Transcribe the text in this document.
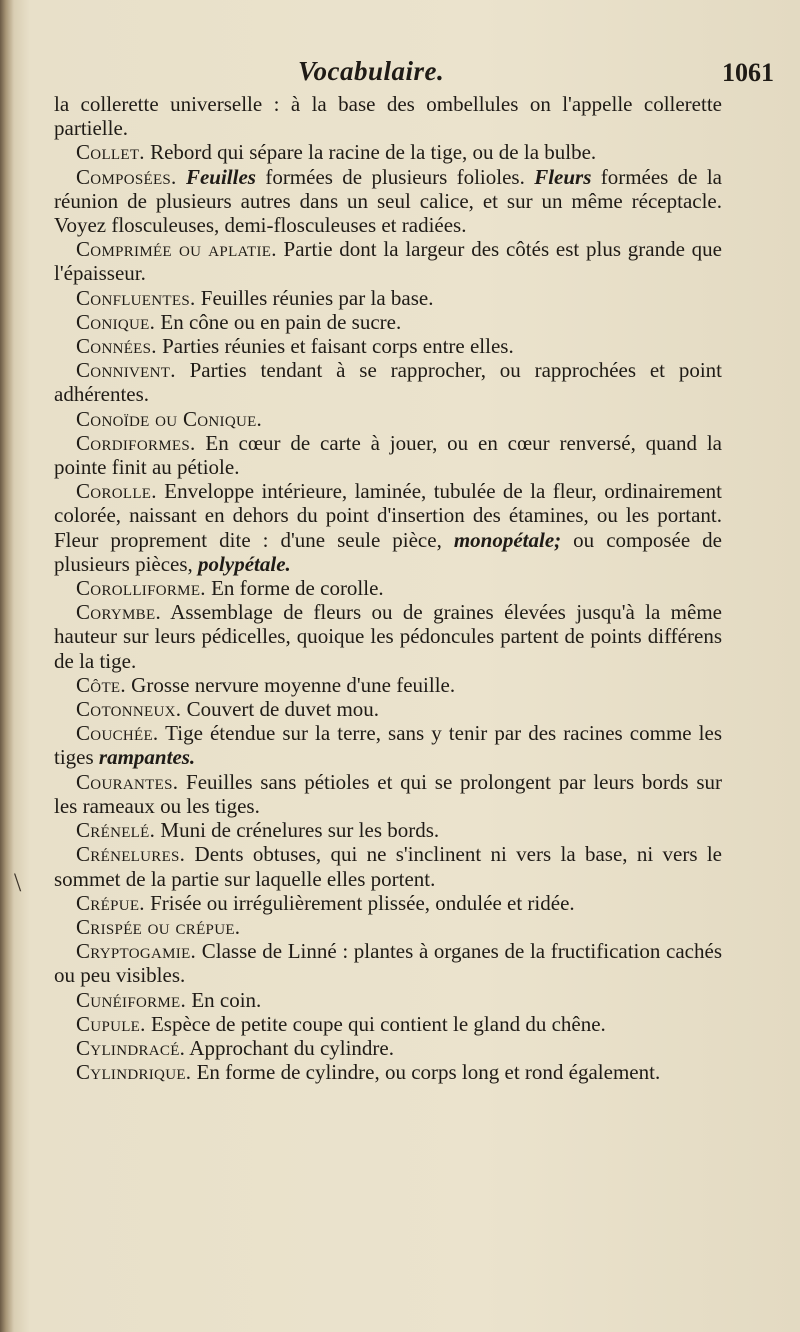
Vocabulaire.	1061
\

la collerette universelle : à la base des ombellules on l'appelle collerette partielle.

Collet. Rebord qui sépare la racine de la tige, ou de la bulbe.

Composées. Feuilles formées de plusieurs folioles. Fleurs formées de la réunion de plusieurs autres dans un seul calice, et sur un même réceptacle. Voyez flosculeuses, demi-flosculeuses et radiées.

Comprimée ou aplatie. Partie dont la largeur des côtés est plus grande que l'épaisseur.

Confluentes. Feuilles réunies par la base.

Conique. En cône ou en pain de sucre.

Connées. Parties réunies et faisant corps entre elles.

Connivent. Parties tendant à se rapprocher, ou rapprochées et point adhérentes.

Conoïde ou Conique.

Cordiformes. En cœur de carte à jouer, ou en cœur renversé, quand la pointe finit au pétiole.

Corolle. Enveloppe intérieure, laminée, tubulée de la fleur, ordinairement colorée, naissant en dehors du point d'insertion des étamines, ou les portant. Fleur proprement dite : d'une seule pièce, monopétale; ou composée de plusieurs pièces, polypétale.

Corolliforme. En forme de corolle.

Corymbe. Assemblage de fleurs ou de graines élevées jusqu'à la même hauteur sur leurs pédicelles, quoique les pédoncules partent de points différens de la tige.

Côte. Grosse nervure moyenne d'une feuille.

Cotonneux. Couvert de duvet mou.

Couchée. Tige étendue sur la terre, sans y tenir par des racines comme les tiges rampantes.

Courantes. Feuilles sans pétioles et qui se prolongent par leurs bords sur les rameaux ou les tiges.

Crénelé. Muni de crénelures sur les bords.

Crénelures. Dents obtuses, qui ne s'inclinent ni vers la base, ni vers le sommet de la partie sur laquelle elles portent.

Crépue. Frisée ou irrégulièrement plissée, ondulée et ridée.

Crispée ou crépue.

Cryptogamie. Classe de Linné : plantes à organes de la fructification cachés ou peu visibles.

Cunéiforme. En coin.

Cupule. Espèce de petite coupe qui contient le gland du chêne.

Cylindracé. Approchant du cylindre.

Cylindrique. En forme de cylindre, ou corps long et rond également.
